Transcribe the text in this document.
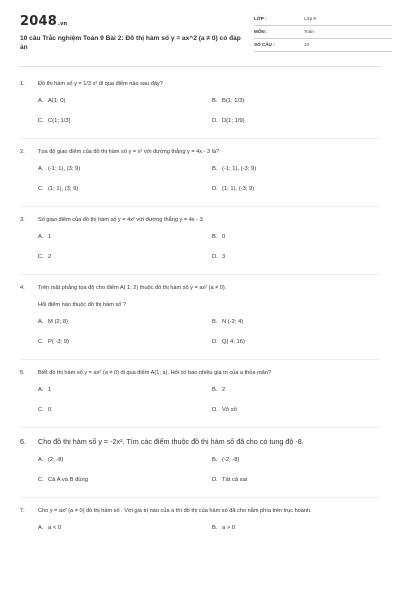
2048.vn
10 câu Trắc nghiệm Toán 9 Bài 2: Đồ thị hàm số y = ax^2 (a ≠ 0) có đáp án
LỚP :	Lớp 9
MÔN :	Toán
SỐ CÂU :	10
1.	Đồ thị hàm số y = 1/3 x² đi qua điểm nào sau đây?
A. A(1; 0)	B. B(1; 1/3)
C. C(1; 1/3)	D. D(1; 1/9)
2.	Tọa độ giao điểm của đồ thị hàm số y = x² với đường thẳng y = 4x - 3 là?
A. (-1; 1), (3; 9)	B. (-1; 1), (-3; 9)
C. (1; 1), (3; 9)	D. (1; 1), (-3; 9)
3.	Số giao điểm của đồ thị hàm số y = 4x² với đường thẳng y = 4x - 3
A. 1	B. 0
C. 2	D. 3
4.	Trên mặt phẳng tọa độ cho điểm A( 1; 2) thuộc đồ thị hàm số y = ax² (a ≠ 0).
Hỏi điểm nào thuộc đồ thị hàm số ?
A. M (2; 8)	B. N (-2; 4)
C. P( -3; 9)	D. Q( 4; 16)
5.	Biết đồ thị hàm số y = ax² (a ≠ 0) đi qua điểm A(1; a). Hỏi có bao nhiêu giá trị của a thỏa mãn?
A. 1	B. 2
C. 0	D. Vô số
6.	Cho đồ thị hàm số y = -2x². Tìm các điểm thuộc đồ thị hàm số đã cho có tung độ -8.
A. (2; -8)	B. (-2; -8)
C. Cả A và B đúng	D. Tất cả sai
7.	Cho y = ax² (a ≠ 0) đồ thị hàm số . Với giá trị nào của a thì đồ thị của hàm số đã cho nằm phía trên trục hoành.
A. a < 0	B. a > 0
